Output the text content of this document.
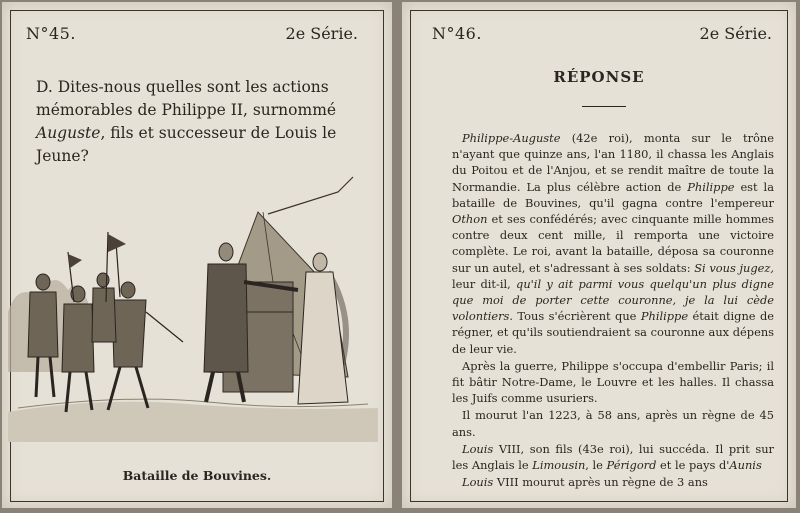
N°45.	2e Série.
D. Dites-nous quelles sont les actions mémorables de Philippe II, surnommé Auguste, fils et successeur de Louis le Jeune?
Bataille de Bouvines.
N°46.	2e Série.
RÉPONSE

Philippe-Auguste (42e roi), monta sur le trône n'ayant que quinze ans, l'an 1180, il chassa les Anglais du Poitou et de l'Anjou, et se rendit maître de toute la Normandie. La plus célèbre action de Philippe est la bataille de Bouvines, qu'il gagna contre l'empereur Othon et ses confédérés; avec cinquante mille hommes contre deux cent mille, il remporta une victoire complète. Le roi, avant la bataille, déposa sa couronne sur un autel, et s'adressant à ses soldats: Si vous jugez, leur dit-il, qu'il y ait parmi vous quelqu'un plus digne que moi de porter cette couronne, je la lui cède volontiers. Tous s'écrièrent que Philippe était digne de régner, et qu'ils soutiendraient sa couronne aux dépens de leur vie.

Après la guerre, Philippe s'occupa d'embellir Paris; il fit bâtir Notre-Dame, le Louvre et les halles. Il chassa les Juifs comme usuriers.

Il mourut l'an 1223, à 58 ans, après un règne de 45 ans.

Louis VIII, son fils (43e roi), lui succéda. Il prit sur les Anglais le Limousin, le Périgord et le pays d'Aunis

Louis VIII mourut après un règne de 3 ans
